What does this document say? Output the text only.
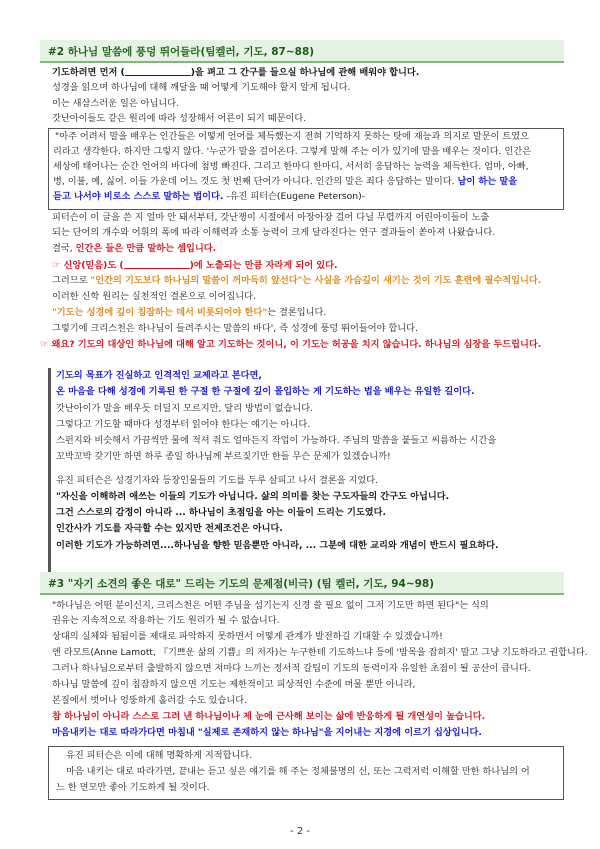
#2 하나님 말씀에 풍덩 뛰어들라(팀켈러, 기도, 87~88)
기도하려면 먼저 (	)을 펴고 그 간구를 들으실 하나님에 관해 배워야 합니다.
성경을 읽으며 하나님에 대해 깨달을 때 어떻게 기도해야 할지 알게 됩니다.
이는 새삼스러운 일은 아닙니다.
갓난아이들도 같은 원리에 따라 성장해서 어른이 되기 때문이다.
"아주 어려서 말을 배우는 인간들은 어떻게 언어를 체득했는지 전혀 기억하지 못하는 탓에 재능과 의지로 말문이 트였으
리라고 생각한다. 하지만 그렇지 않다. '누군가 말을 걸어온다. 그렇게 말해 주는 이가 있기에 말을 배우는 것이다. 인간은
세상에 태어나는 순간 언어의 바다에 첨벙 빠진다. 그리고 한마디 한마디, 서서히 응답하는 능력을 체득한다. 엄마, 아빠,
병, 이불, 예, 싫어. 이들 가운데 어느 것도 첫 번째 단어가 아니다. 인간의 말은 죄다 응답하는 말이다. 남이 하는 말을
듣고 나서야 비로소 스스로 말하는 법이다. -유진 피터슨(Eugene Peterson)-
피터슨이 이 글을 쓴 지 얼마 안 돼서부터, 갓난쟁이 시절에서 아장아장 걸어 다닐 무렵까지 어린아이들이 노출
되는 단어의 개수와 어휘의 폭에 따라 이해력과 소통 능력이 크게 달라진다는 연구 결과들이 쏟아져 나왔습니다.
결국, 인간은 들은 만큼 말하는 셈입니다.
☞ 신앙(믿음)도 (	)에 노출되는 만큼 자라게 되어 있다.
그러므로 "인간의 기도보다 하나님의 말씀이 꺼마득히 앞선다"는 사실을 가슴깊이 새기는 것이 기도 훈련에 필수적입니다.
이러한 신학 원리는 실천적인 결론으로 이어집니다.
"기도는 성경에 깊이 침잠하는 데서 비롯되어야 한다"는 결론입니다.
그렇기에 크리스천은 하나님이 들려주시는 말씀의 바다', 즉 성경에 풍덩 뛰어들어야 합니다.
☞ 왜요? 기도의 대상인 하나님에 대해 알고 기도하는 것이니, 이 기도는 허공을 치지 않습니다. 하나님의 심장을 두드립니다.
기도의 목표가 진실하고 인격적인 교제라고 본다면,
온 마음을 다해 성경에 기록된 한 구절 한 구절에 깊이 몰입하는 게 기도하는 법을 배우는 유일한 길이다.
갓난아이가 말을 배우듯 더딜지 모르지만, 달리 방법이 없습니다.
그렇다고 기도할 때마다 성경부터 읽어야 한다는 얘기는 아니다.
스펀지와 비슷해서 가끔씩만 물에 적셔 줘도 얼마든지 작업이 가능하다. 주님의 말씀을 붙들고 씨름하는 시간을
꼬박꼬박 갖기만 하면 하루 종일 하나님께 부르짖기만 한들 무슨 문제가 있겠습니까!
유진 피터슨은 성경기자와 등장인물들의 기도를 두루 살피고 나서 결론을 지었다.
"자신을 이해하려 애쓰는 이들의 기도가 아닙니다. 삶의 의미를 찾는 구도자들의 간구도 아닙니다.
그건 스스로의 감정이 아니라 ... 하나님이 초점임을 아는 이들이 드리는 기도였다.
인간사가 기도를 자극할 수는 있지만 전제조건은 아니다.
이러한 기도가 가능하려면....하나님을 향한 믿음뿐만 아니라, ... 그분에 대한 교리와 개념이 반드시 필요하다.
#3 "자기 소견의 좋은 대로" 드리는 기도의 문제점(비극) (팀 켈러, 기도, 94~98)
"하나님은 어떤 분이신지, 크리스천은 어떤 주님을 섬기는지 신경 쓸 필요 없이 그저 기도만 하면 된다"는 식의
권유는 지속적으로 작용하는 기도 원리가 될 수 없습니다.
상대의 실체와 됨됨이를 제대로 파악하지 못하면서 어떻게 관계가 발전하길 기대할 수 있겠습니까!
앤 라모트(Anne Lamott, 『기쁘운 삶의 기쁨』의 저자)는 누구한테 기도하느냐 등에 '밤목을 잡히지' 말고 그냥 기도하라고 권합니다.
그러나 하나님으로부터 출발하지 않으면 저마다 느끼는 정서적 갈팁이 기도의 동력이자 유일한 초점이 될 공산이 큽니다.
하나님 말씀에 깊이 침잠하지 않으면 기도는 제한적이고 피상적인 수준에 머물 뿐만 아니라,
본질에서 벗어나 엉뚱하게 흘러갈 수도 있습니다.
참 하나님이 아니라 스스로 그려 낸 하나님이나 제 눈에 근사해 보이는 삶에 반응하게 될 개연성이 높습니다.
마음내키는 대로 따라가다면 마침내 "실제로 존재하지 않는 하나님"을 지어내는 지경에 이르기 십상입니다.
유진 피터슨은 이에 대해 명확하게 지적합니다.
마음 내키는 대로 따라가면, 끝내는 듣고 싶은 얘기를 해 주는 정체불명의 신, 또는 그럭저럭 이해할 만한 하나님의 어
느 한 면모만 좋아 기도하게 될 것이다.
- 2 -
